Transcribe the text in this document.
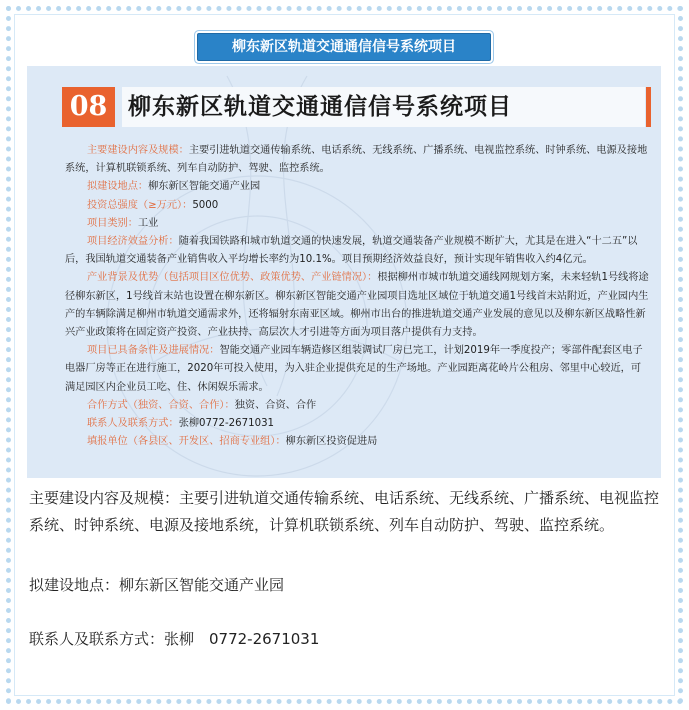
柳东新区轨道交通通信信号系统项目
08 柳东新区轨道交通通信信号系统项目

主要建设内容及规模：主要引进轨道交通传输系统、电话系统、无线系统、广播系统、电视监控系统、时钟系统、电源及接地系统，计算机联锁系统、列车自动防护、驾驶、监控系统。

拟建设地点：柳东新区智能交通产业园

投资总强度（≥万元）：5000

项目类别：工业

项目经济效益分析：随着我国铁路和城市轨道交通的快速发展，轨道交通装备产业规模不断扩大，尤其是在进入“十二五”以后，我国轨道交通装备产业销售收入平均增长率约为10.1%。项目预期经济效益良好，预计实现年销售收入约4亿元。

产业背景及优势（包括项目区位优势、政策优势、产业链情况）：根据柳州市城市轨道交通线网规划方案，未来轻轨1号线将途径柳东新区，1号线首末站也设置在柳东新区。柳东新区智能交通产业园项目选址区域位于轨道交通1号线首末站附近，产业园内生产的车辆除满足柳州市轨道交通需求外，还将辐射东南亚区域。柳州市出台的推进轨道交通产业发展的意见以及柳东新区战略性新兴产业政策将在固定资产投资、产业扶持、高层次人才引进等方面为项目落户提供有力支持。

项目已具备条件及进展情况：智能交通产业园车辆造修区组装调试厂房已完工，计划2019年一季度投产；零部件配套区电子电器厂房等正在进行施工，2020年可投入使用，为入驻企业提供充足的生产场地。产业园距离花岭片公租房、邻里中心较近，可满足园区内企业员工吃、住、休闲娱乐需求。

合作方式（独资、合资、合作）：独资、合资、合作

联系人及联系方式：张柳0772-2671031

填报单位（各县区、开发区、招商专业组）：柳东新区投资促进局

主要建设内容及规模：主要引进轨道交通传输系统、电话系统、无线系统、广播系统、电视监控系统、时钟系统、电源及接地系统，计算机联锁系统、列车自动防护、驾驶、监控系统。

拟建设地点：柳东新区智能交通产业园

联系人及联系方式：张柳　0772-2671031
